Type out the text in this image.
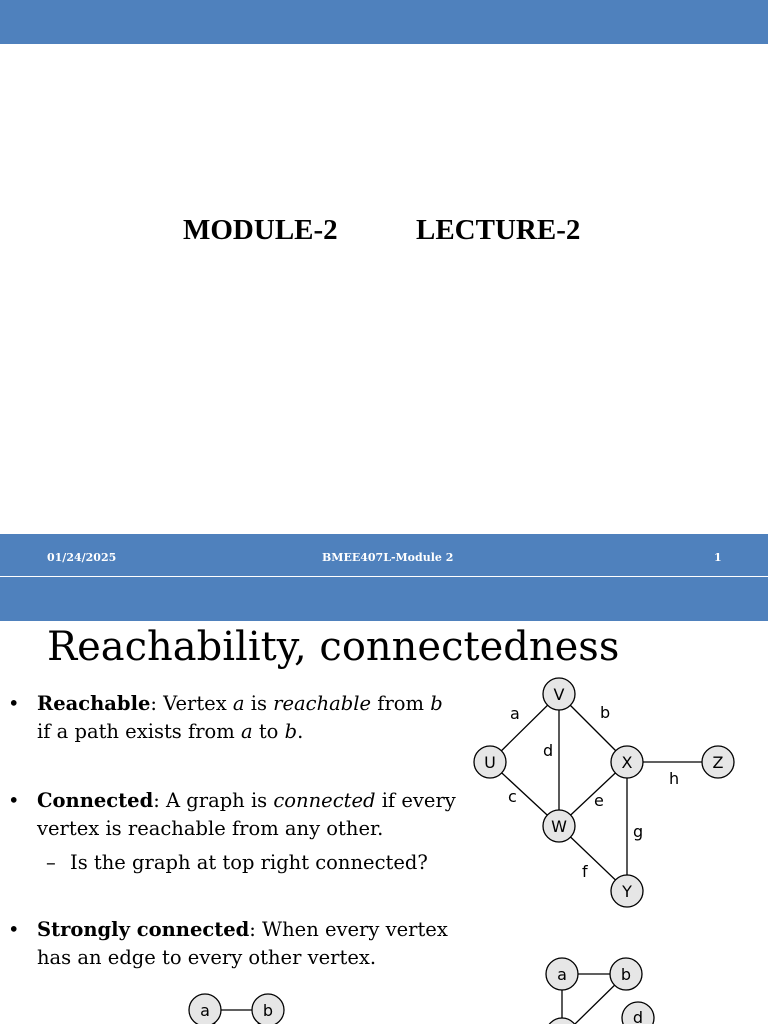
MODULE-2	LECTURE-2
01/24/2025	BMEE407L-Module 2	1
Reachability, connectedness
• Reachable: Vertex a is reachable from b
if a path exists from a to b.
• Connected: A graph is connected if every
vertex is reachable from any other.
– Is the graph at top right connected?
• Strongly connected: When every vertex
has an edge to every other vertex.
a	b
d
h
c	e
g
f
V
U	X	Z
W
Y
a	b
d
a	b
